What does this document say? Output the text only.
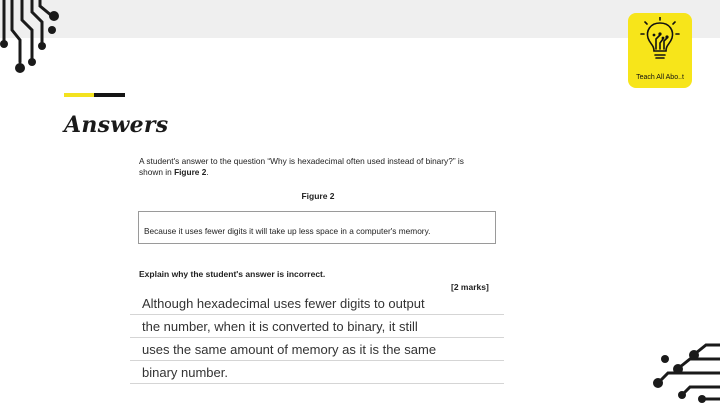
Teach All Abo..t
Answers
A student's answer to the question “Why is hexadecimal often used instead of binary?” is shown in Figure 2.
Figure 2
Because it uses fewer digits it will take up less space in a computer's memory.
Explain why the student's answer is incorrect.
[2 marks]
Although hexadecimal uses fewer digits to output
the number, when it is converted to binary, it still
uses the same amount of memory as it is the same
binary number.
